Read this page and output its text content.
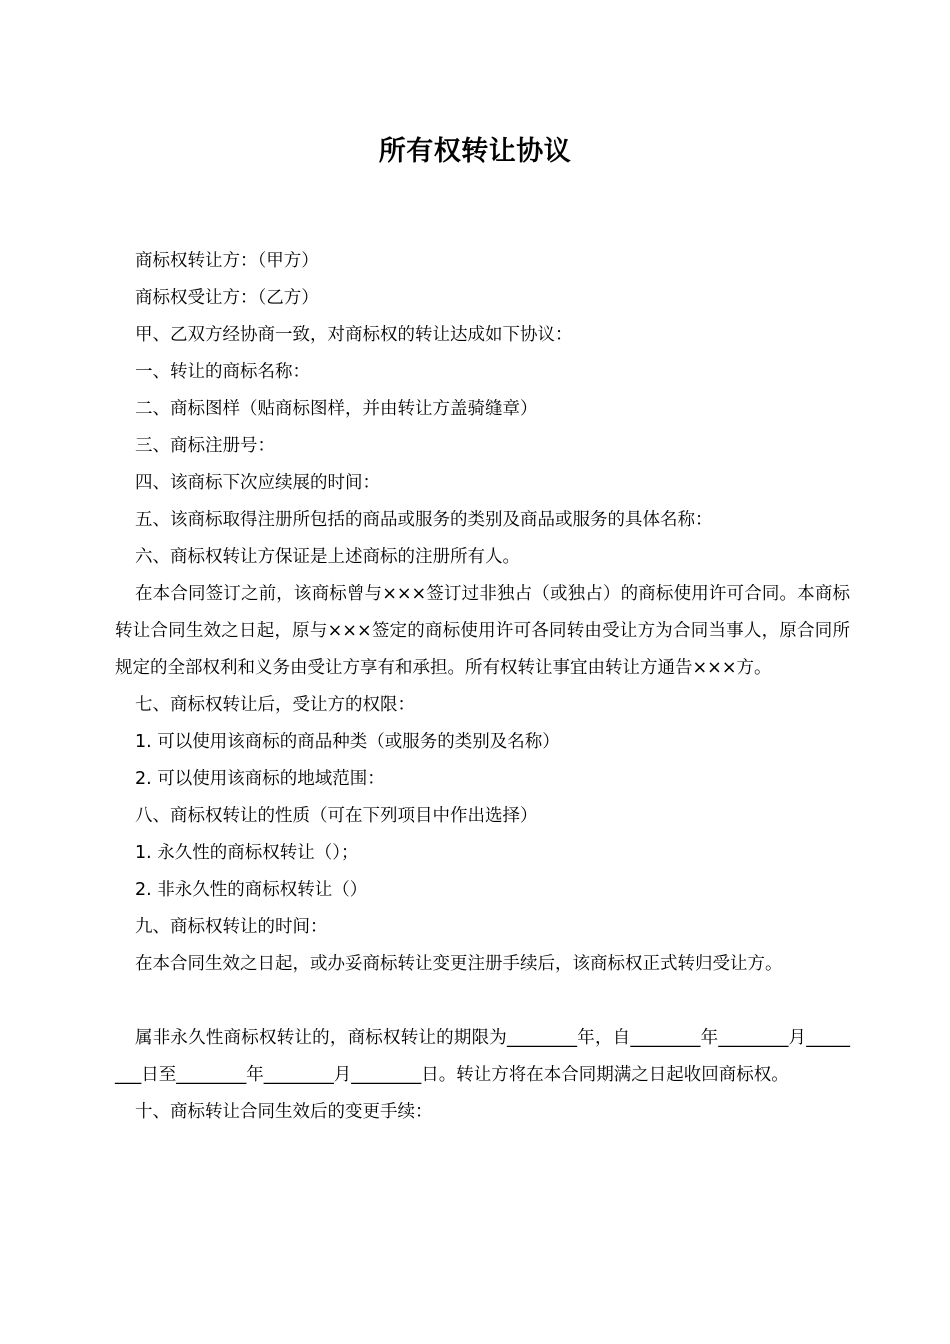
所有权转让协议
商标权转让方：（甲方）
商标权受让方：（乙方）
甲、乙双方经协商一致，对商标权的转让达成如下协议：
一、转让的商标名称：
二、商标图样（贴商标图样，并由转让方盖骑缝章）
三、商标注册号：
四、该商标下次应续展的时间：
五、该商标取得注册所包括的商品或服务的类别及商品或服务的具体名称：
六、商标权转让方保证是上述商标的注册所有人。
在本合同签订之前，该商标曾与×××签订过非独占（或独占）的商标使用许可合同。本商标转让合同生效之日起，原与×××签定的商标使用许可各同转由受让方为合同当事人，原合同所规定的全部权利和义务由受让方享有和承担。所有权转让事宜由转让方通告×××方。
七、商标权转让后，受让方的权限：
1. 可以使用该商标的商品种类（或服务的类别及名称）
2. 可以使用该商标的地域范围：
八、商标权转让的性质（可在下列项目中作出选择）
1. 永久性的商标权转让（）；
2. 非永久性的商标权转让（）
九、商标权转让的时间：
在本合同生效之日起，或办妥商标转让变更注册手续后，该商标权正式转归受让方。
属非永久性商标权转让的，商标权转让的期限为________年，自________年________月________日至________年________月________日。转让方将在本合同期满之日起收回商标权。
十、商标转让合同生效后的变更手续：
